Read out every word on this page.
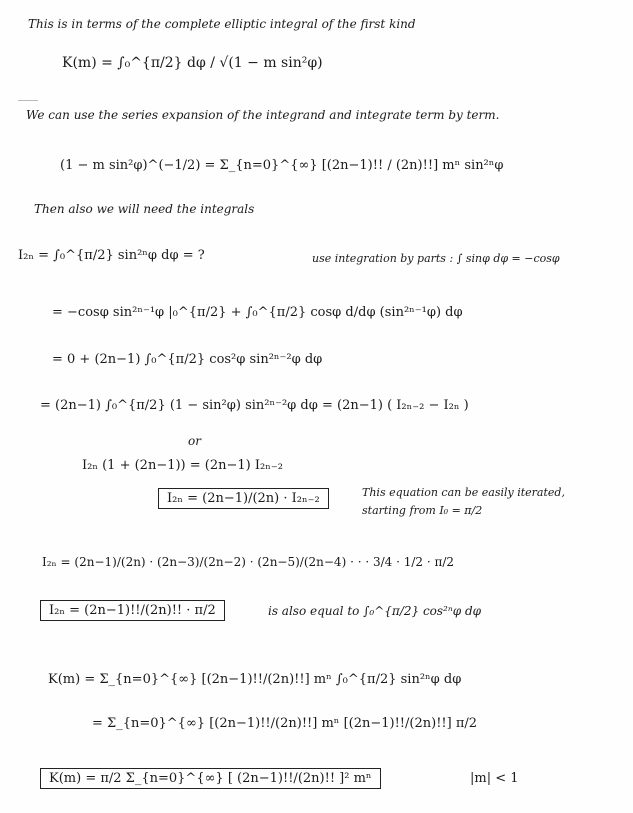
This is in terms of the complete elliptic integral of the first kind
K(m) = ∫₀^{π/2} dφ / √(1 − m sin²φ)
We can use the series expansion of the integrand and integrate term by term.
(1 − m sin²φ)^(−1/2) = Σ_{n=0}^{∞} [(2n−1)!! / (2n)!!] mⁿ sin²ⁿφ
Then also we will need the integrals
I₂ₙ = ∫₀^{π/2} sin²ⁿφ dφ = ?	use integration by parts : ∫ sinφ dφ = −cosφ
= −cosφ sin²ⁿ⁻¹φ |₀^{π/2} + ∫₀^{π/2} cosφ d/dφ (sin²ⁿ⁻¹φ) dφ
= 0 + (2n−1) ∫₀^{π/2} cos²φ sin²ⁿ⁻²φ dφ
= (2n−1) ∫₀^{π/2} (1 − sin²φ) sin²ⁿ⁻²φ dφ = (2n−1) ( I₂ₙ₋₂ − I₂ₙ )
or
I₂ₙ (1 + (2n−1)) = (2n−1) I₂ₙ₋₂
I₂ₙ = (2n−1)/(2n) · I₂ₙ₋₂	This equation can be easily iterated, starting from I₀ = π/2
I₂ₙ = (2n−1)/(2n) · (2n−3)/(2n−2) · (2n−5)/(2n−4) · · · 3/4 · 1/2 · π/2
I₂ₙ = (2n−1)!!/(2n)!! · π/2	is also equal to ∫₀^{π/2} cos²ⁿφ dφ
K(m) = Σ_{n=0}^{∞} [(2n−1)!!/(2n)!!] mⁿ ∫₀^{π/2} sin²ⁿφ dφ
= Σ_{n=0}^{∞} [(2n−1)!!/(2n)!!] mⁿ [(2n−1)!!/(2n)!!] π/2
K(m) = π/2 Σ_{n=0}^{∞} [ (2n−1)!!/(2n)!! ]² mⁿ	|m| < 1
